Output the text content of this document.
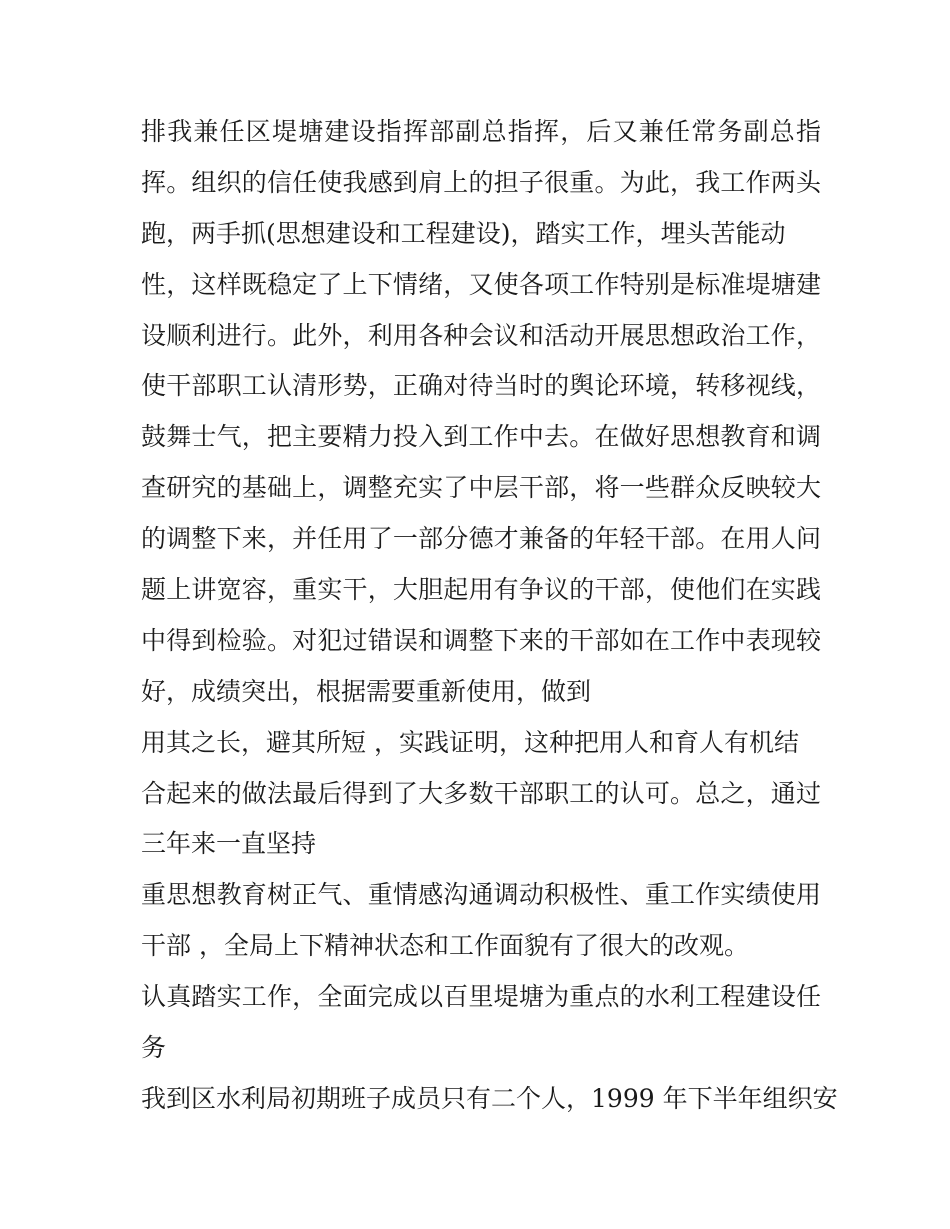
排我兼任区堤塘建设指挥部副总指挥，后又兼任常务副总指
挥。组织的信任使我感到肩上的担子很重。为此，我工作两头
跑，两手抓(思想建设和工程建设)，踏实工作，埋头苦能动
性，这样既稳定了上下情绪，又使各项工作特别是标准堤塘建
设顺利进行。此外，利用各种会议和活动开展思想政治工作，
使干部职工认清形势，正确对待当时的舆论环境，转移视线，
鼓舞士气，把主要精力投入到工作中去。在做好思想教育和调
查研究的基础上，调整充实了中层干部，将一些群众反映较大
的调整下来，并任用了一部分德才兼备的年轻干部。在用人问
题上讲宽容，重实干，大胆起用有争议的干部，使他们在实践
中得到检验。对犯过错误和调整下来的干部如在工作中表现较
好，成绩突出，根据需要重新使用，做到
用其之长，避其所短 ，实践证明，这种把用人和育人有机结
合起来的做法最后得到了大多数干部职工的认可。总之，通过
三年来一直坚持
重思想教育树正气、重情感沟通调动积极性、重工作实绩使用
干部 ，全局上下精神状态和工作面貌有了很大的改观。
认真踏实工作，全面完成以百里堤塘为重点的水利工程建设任
务
我到区水利局初期班子成员只有二个人，1999 年下半年组织安
